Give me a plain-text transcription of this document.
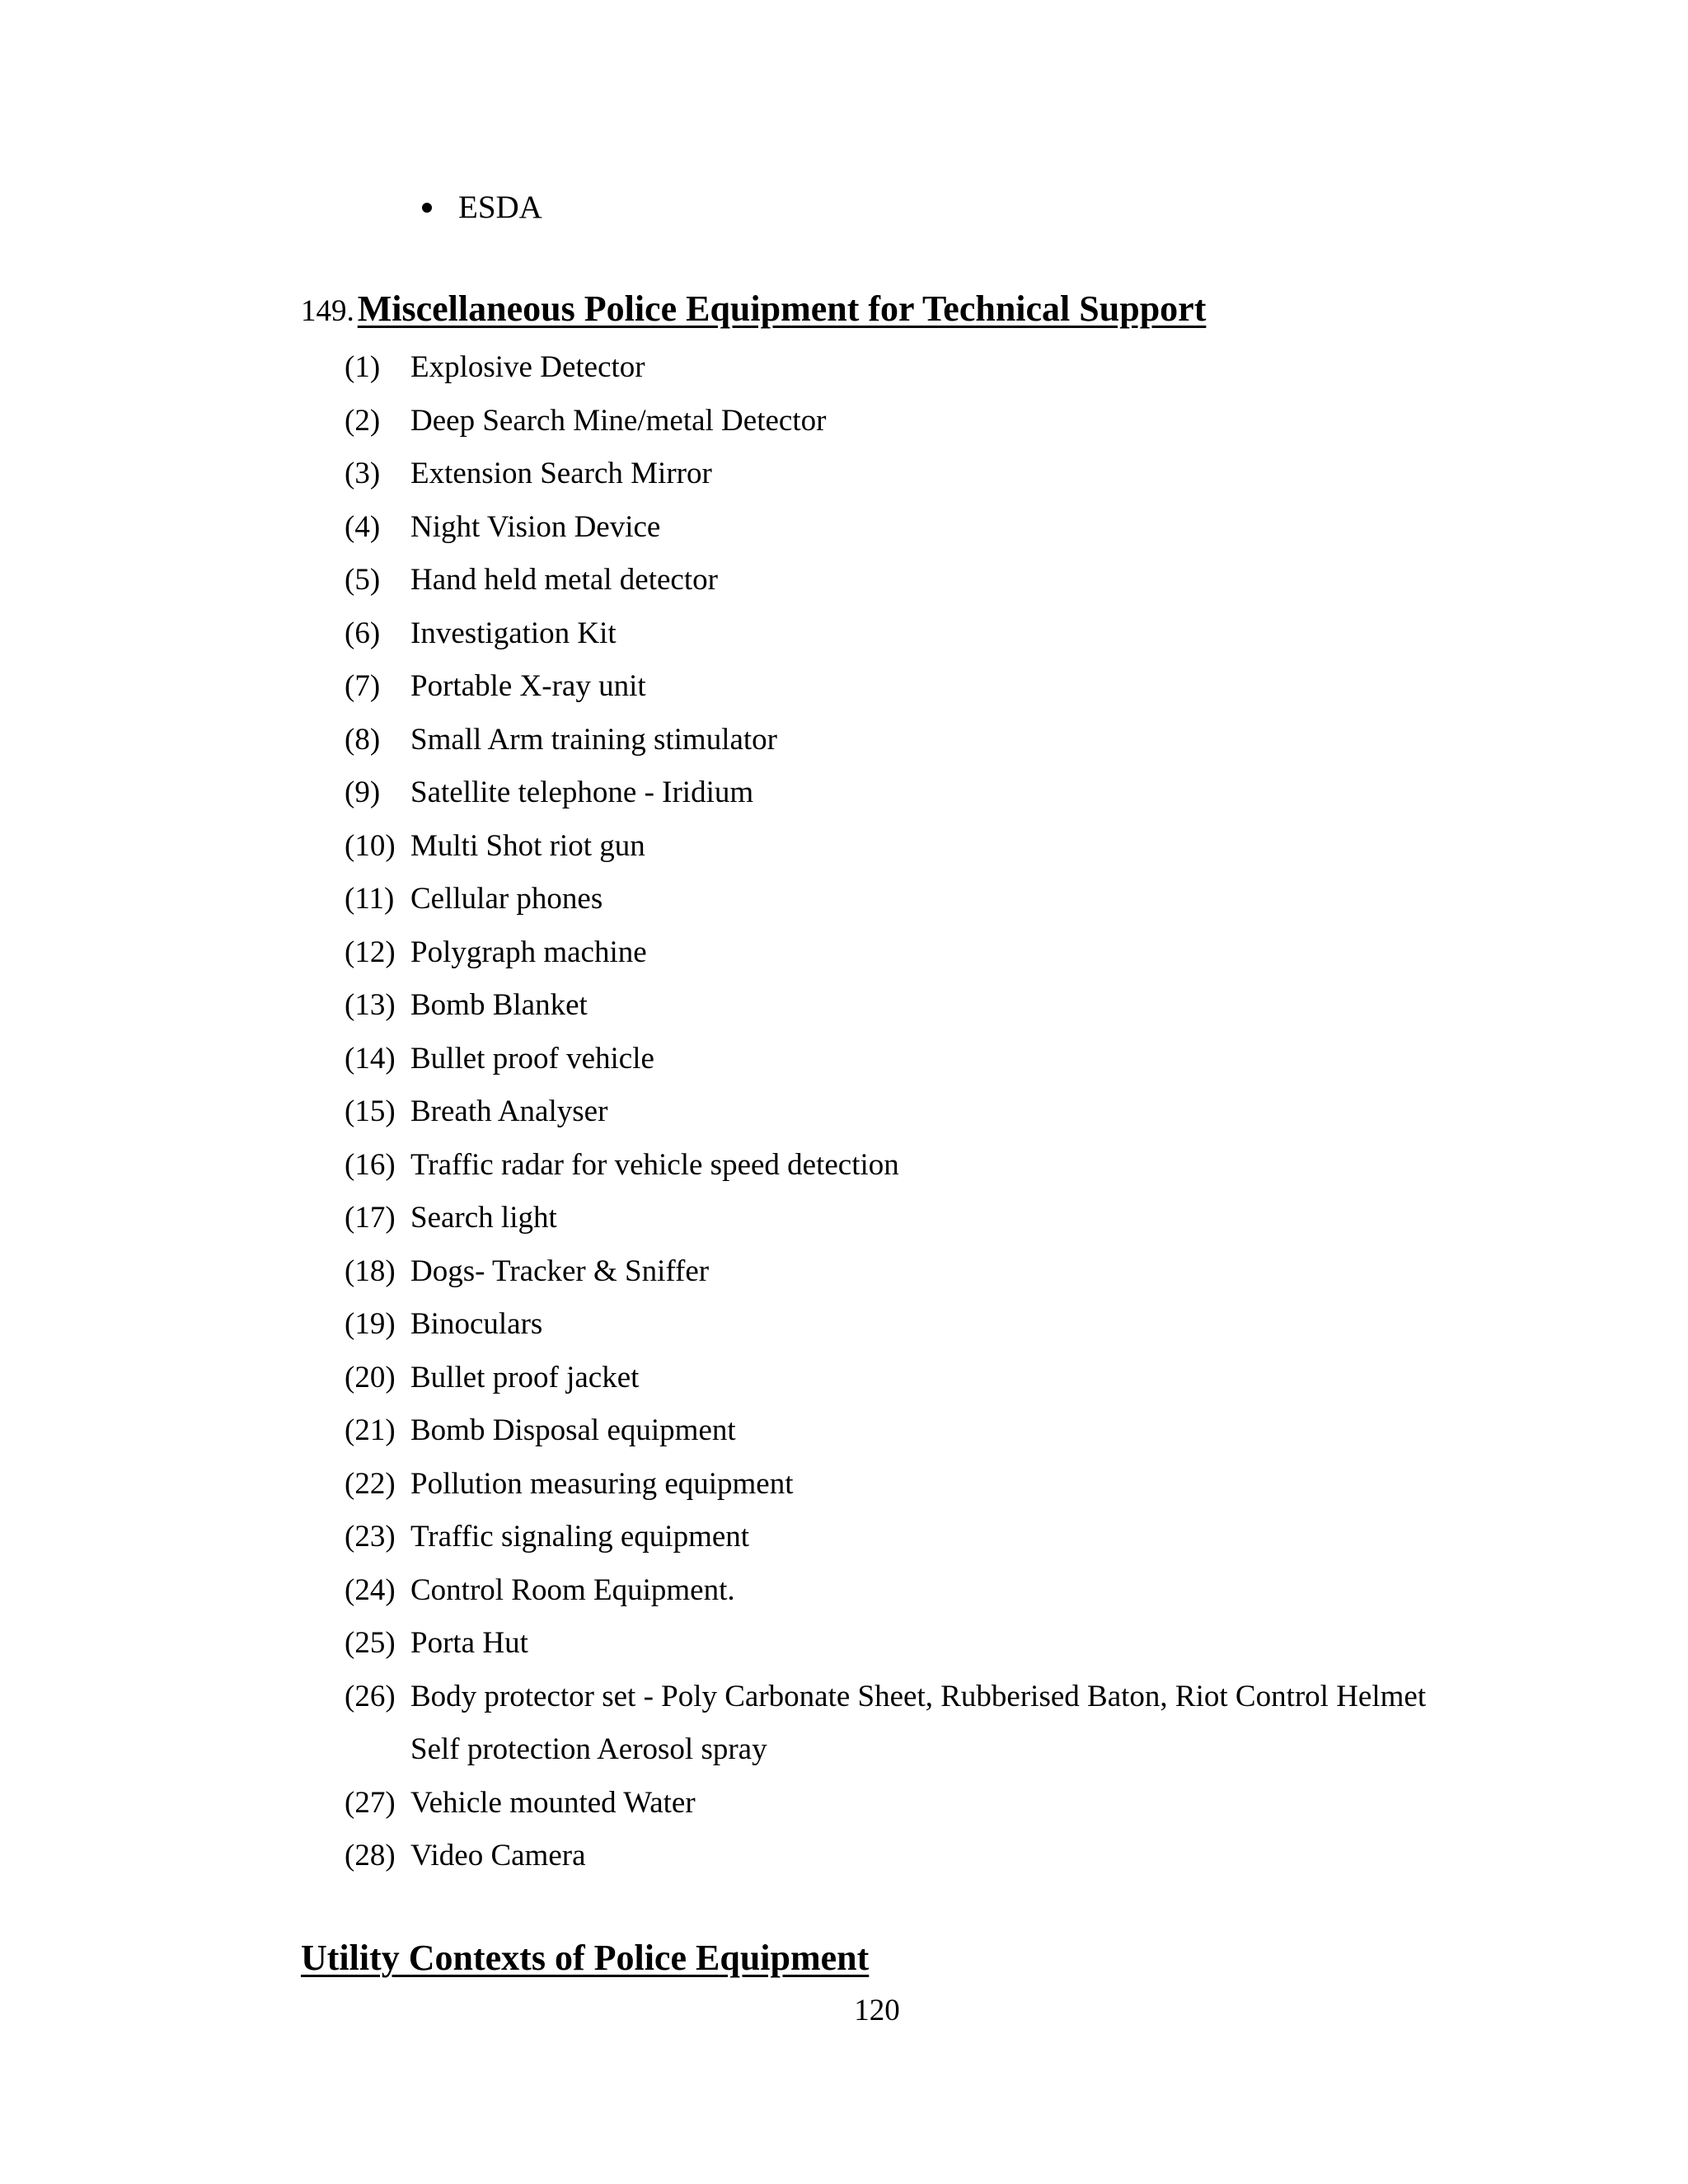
ESDA
149. Miscellaneous Police Equipment for Technical Support
(1) Explosive Detector
(2) Deep Search Mine/metal Detector
(3) Extension Search Mirror
(4) Night Vision Device
(5) Hand held metal detector
(6) Investigation Kit
(7) Portable X-ray unit
(8) Small Arm training stimulator
(9) Satellite telephone - Iridium
(10) Multi Shot riot gun
(11) Cellular phones
(12) Polygraph machine
(13) Bomb Blanket
(14) Bullet proof vehicle
(15) Breath Analyser
(16) Traffic radar for vehicle speed detection
(17) Search light
(18) Dogs- Tracker & Sniffer
(19) Binoculars
(20) Bullet proof jacket
(21) Bomb Disposal equipment
(22) Pollution measuring equipment
(23) Traffic signaling equipment
(24) Control Room Equipment.
(25) Porta Hut
(26) Body protector set - Poly Carbonate Sheet, Rubberised Baton, Riot Control Helmet
Self protection Aerosol spray
(27) Vehicle mounted Water
(28) Video Camera
Utility Contexts of Police Equipment
120
